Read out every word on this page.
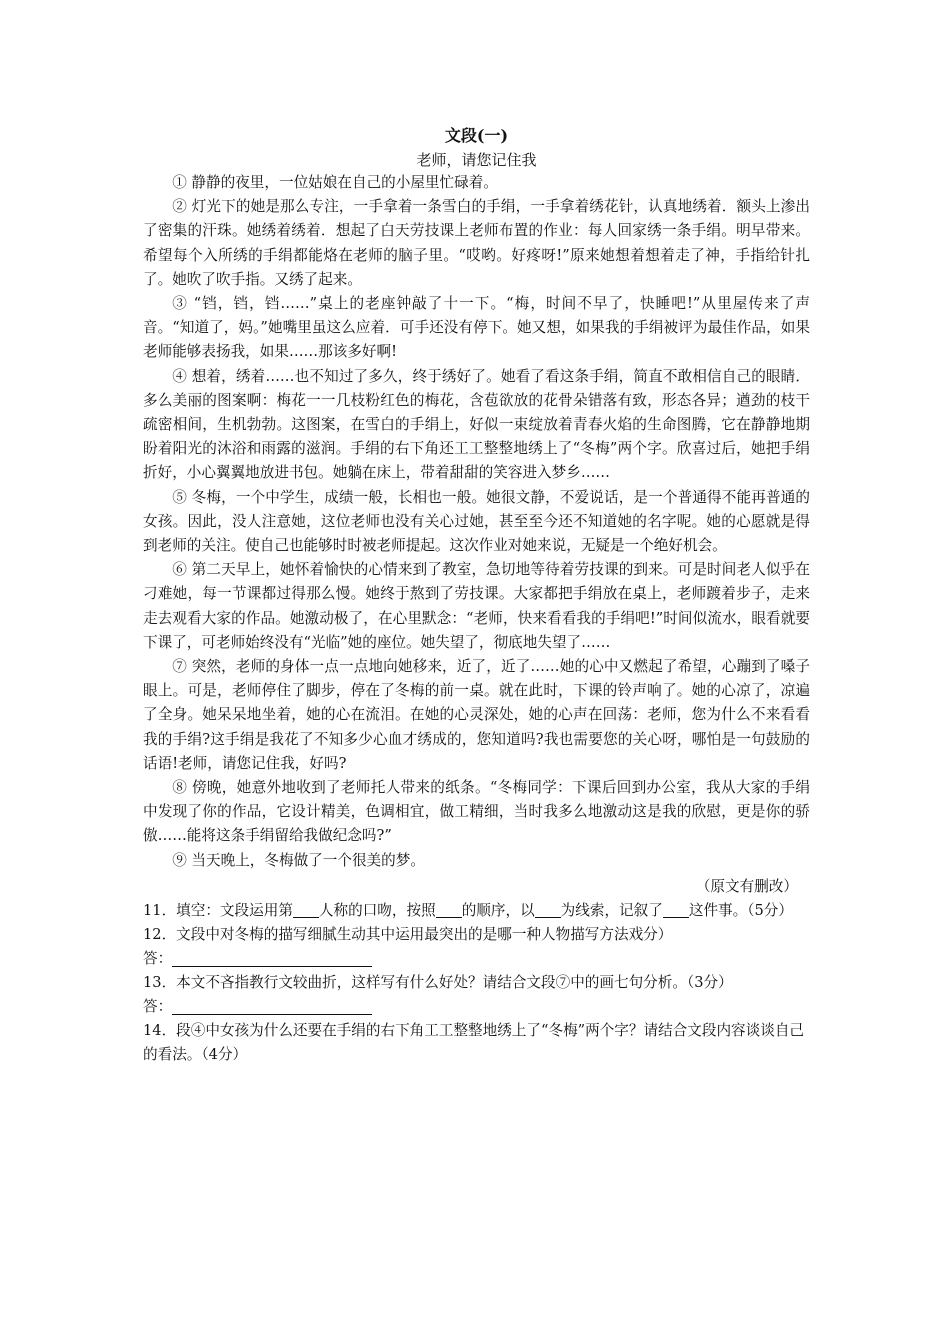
文段(一)

老师，请您记住我

① 静静的夜里，一位姑娘在自己的小屋里忙碌着。

② 灯光下的她是那么专注，一手拿着一条雪白的手绢，一手拿着绣花针，认真地绣着．额头上渗出了密集的汗珠。她绣着绣着．想起了白天劳技课上老师布置的作业：每人回家绣一条手绢。明早带来。希望每个入所绣的手绢都能烙在老师的脑子里。“哎哟。好疼呀!”原来她想着想着走了神，手指给针扎了。她吹了吹手指。又绣了起来。

③ “铛，铛，铛……”桌上的老座钟敲了十一下。“梅，时间不早了，快睡吧!”从里屋传来了声音。“知道了，妈。”她嘴里虽这么应着．可手还没有停下。她又想，如果我的手绢被评为最佳作品，如果老师能够表扬我，如果……那该多好啊!

④ 想着，绣着……也不知过了多久，终于绣好了。她看了看这条手绢，简直不敢相信自己的眼睛．多么美丽的图案啊：梅花一一几枝粉红色的梅花，含苞欲放的花骨朵错落有致，形态各异；遒劲的枝干疏密相间，生机勃勃。这图案，在雪白的手绢上，好似一束绽放着青春火焰的生命图腾，它在静静地期盼着阳光的沐浴和雨露的滋润。手绢的右下角还工工整整地绣上了“冬梅”两个字。欣喜过后，她把手绢折好，小心翼翼地放进书包。她躺在床上，带着甜甜的笑容进入梦乡……

⑤ 冬梅，一个中学生，成绩一般，长相也一般。她很文静，不爱说话，是一个普通得不能再普通的女孩。因此，没人注意她，这位老师也没有关心过她，甚至至今还不知道她的名字呢。她的心愿就是得到老师的关注。使自己也能够时时被老师提起。这次作业对她来说，无疑是一个绝好机会。

⑥ 第二天早上，她怀着愉快的心情来到了教室，急切地等待着劳技课的到来。可是时间老人似乎在刁难她，每一节课都过得那么慢。她终于熬到了劳技课。大家都把手绢放在桌上，老师踱着步子，走来走去观看大家的作品。她激动极了，在心里默念：“老师，快来看看我的手绢吧!”时间似流水，眼看就要下课了，可老师始终没有“光临”她的座位。她失望了，彻底地失望了……

⑦ 突然，老师的身体一点一点地向她移来，近了，近了……她的心中又燃起了希望，心蹦到了嗓子眼上。可是，老师停住了脚步，停在了冬梅的前一桌。就在此时，下课的铃声响了。她的心凉了，凉遍了全身。她呆呆地坐着，她的心在流泪。在她的心灵深处，她的心声在回荡：老师，您为什么不来看看我的手绢?这手绢是我花了不知多少心血才绣成的，您知道吗?我也需要您的关心呀，哪怕是一句鼓励的话语!老师，请您记住我，好吗?

⑧ 傍晚，她意外地收到了老师托人带来的纸条。“冬梅同学：下课后回到办公室，我从大家的手绢中发现了你的作品，它设计精美，色调相宜，做工精细，当时我多么地激动这是我的欣慰，更是你的骄傲……能将这条手绢留给我做纪念吗?”

⑨ 当天晚上，冬梅做了一个很美的梦。

（原文有删改）

11．填空：文段运用第 人称的口吻，按照 的顺序，以 为线索，记叙了 这件事。（5分）

12．文段中对冬梅的描写细腻生动其中运用最突出的是哪一种人物描写方法戏分）

答：

13．本文不吝指教行文较曲折，这样写有什么好处？请结合文段⑦中的画七句分析。（3分）

答：

14．段④中女孩为什么还要在手绢的右下角工工整整地绣上了“冬梅”两个字？请结合文段内容谈谈自己的看法。（4分）
